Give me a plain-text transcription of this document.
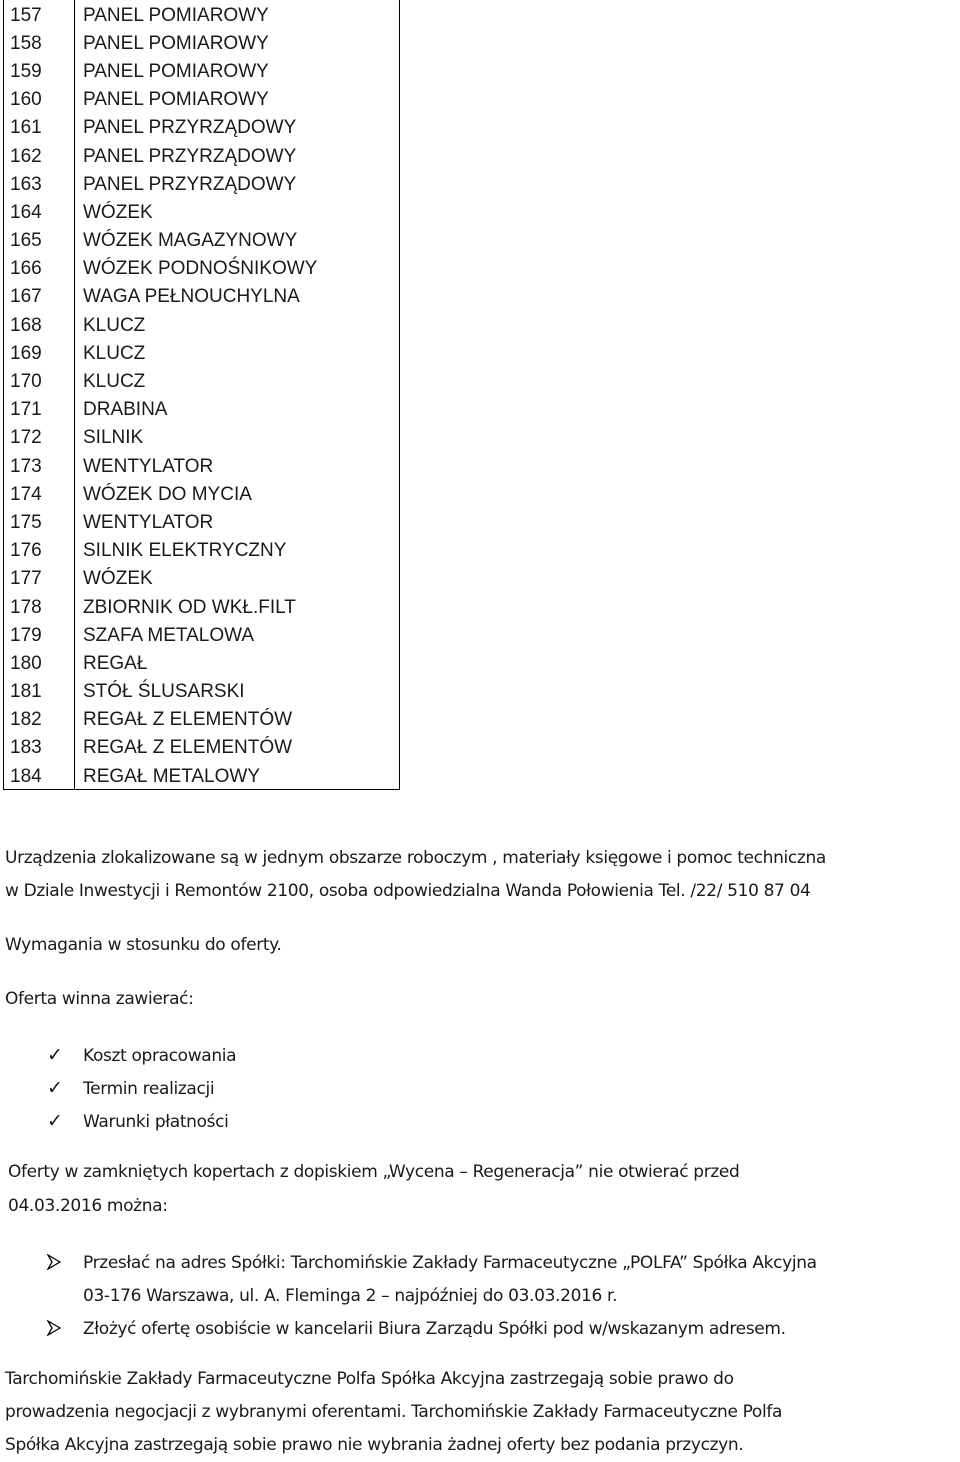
157	PANEL POMIAROWY
158	PANEL POMIAROWY
159	PANEL POMIAROWY
160	PANEL POMIAROWY
161	PANEL PRZYRZĄDOWY
162	PANEL PRZYRZĄDOWY
163	PANEL PRZYRZĄDOWY
164	WÓZEK
165	WÓZEK MAGAZYNOWY
166	WÓZEK PODNOŚNIKOWY
167	WAGA PEŁNOUCHYLNA
168	KLUCZ
169	KLUCZ
170	KLUCZ
171	DRABINA
172	SILNIK
173	WENTYLATOR
174	WÓZEK DO MYCIA
175	WENTYLATOR
176	SILNIK ELEKTRYCZNY
177	WÓZEK
178	ZBIORNIK OD WKŁ.FILT
179	SZAFA METALOWA
180	REGAŁ
181	STÓŁ ŚLUSARSKI
182	REGAŁ Z ELEMENTÓW
183	REGAŁ Z ELEMENTÓW
184	REGAŁ METALOWY
Urządzenia zlokalizowane są w jednym obszarze roboczym , materiały księgowe i pomoc techniczna
w Dziale Inwestycji i Remontów 2100, osoba odpowiedzialna Wanda Połowienia Tel. /22/ 510 87 04
Wymagania w stosunku do oferty.
Oferta winna zawierać:
✓ Koszt opracowania
✓ Termin realizacji
✓ Warunki płatności
Oferty w zamkniętych kopertach z dopiskiem „Wycena – Regeneracja” nie otwierać przed
04.03.2016 można:
Przesłać na adres Spółki: Tarchomińskie Zakłady Farmaceutyczne „POLFA” Spółka Akcyjna
03-176 Warszawa, ul. A. Fleminga 2 – najpóźniej do 03.03.2016 r.
Złożyć ofertę osobiście w kancelarii Biura Zarządu Spółki pod w/wskazanym adresem.
Tarchomińskie Zakłady Farmaceutyczne Polfa Spółka Akcyjna zastrzegają sobie prawo do
prowadzenia negocjacji z wybranymi oferentami. Tarchomińskie Zakłady Farmaceutyczne Polfa
Spółka Akcyjna zastrzegają sobie prawo nie wybrania żadnej oferty bez podania przyczyn.
